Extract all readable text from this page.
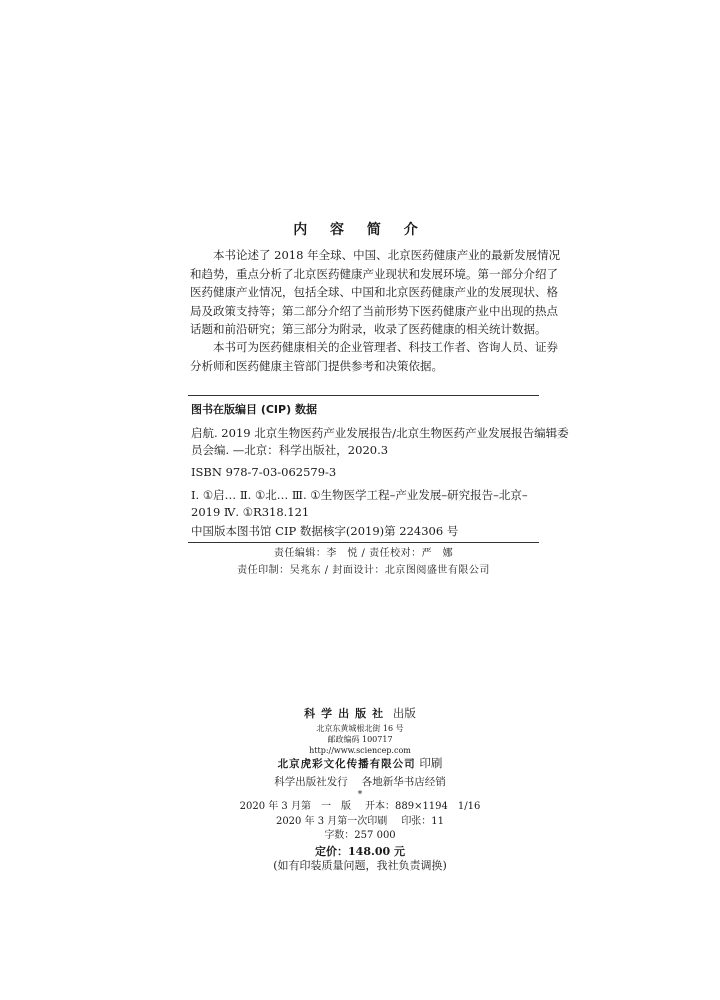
内 容 简 介
本书论述了 2018 年全球、中国、北京医药健康产业的最新发展情况
和趋势，重点分析了北京医药健康产业现状和发展环境。第一部分介绍了
医药健康产业情况，包括全球、中国和北京医药健康产业的发展现状、格
局及政策支持等；第二部分介绍了当前形势下医药健康产业中出现的热点
话题和前沿研究；第三部分为附录，收录了医药健康的相关统计数据。
本书可为医药健康相关的企业管理者、科技工作者、咨询人员、证券
分析师和医药健康主管部门提供参考和决策依据。
图书在版编目 (CIP) 数据
启航. 2019 北京生物医药产业发展报告/北京生物医药产业发展报告编辑委
员会编. —北京：科学出版社，2020.3
ISBN 978-7-03-062579-3
Ⅰ. ①启… Ⅱ. ①北… Ⅲ. ①生物医学工程–产业发展–研究报告–北京–
2019 Ⅳ. ①R318.121
中国版本图书馆 CIP 数据核字(2019)第 224306 号
责任编辑：李　悦 / 责任校对：严　娜
责任印制：吴兆东 / 封面设计：北京图阅盛世有限公司
科学出版社 出版
北京东黄城根北街 16 号
邮政编码 100717
http://www.sciencep.com
北京虎彩文化传播有限公司 印刷
科学出版社发行 各地新华书店经销
*
2020 年 3 月第　一　版 开本：889×1194　1/16
2020 年 3 月第一次印刷 印张：11
字数：257 000
定价：148.00 元
(如有印装质量问题，我社负责调换)
